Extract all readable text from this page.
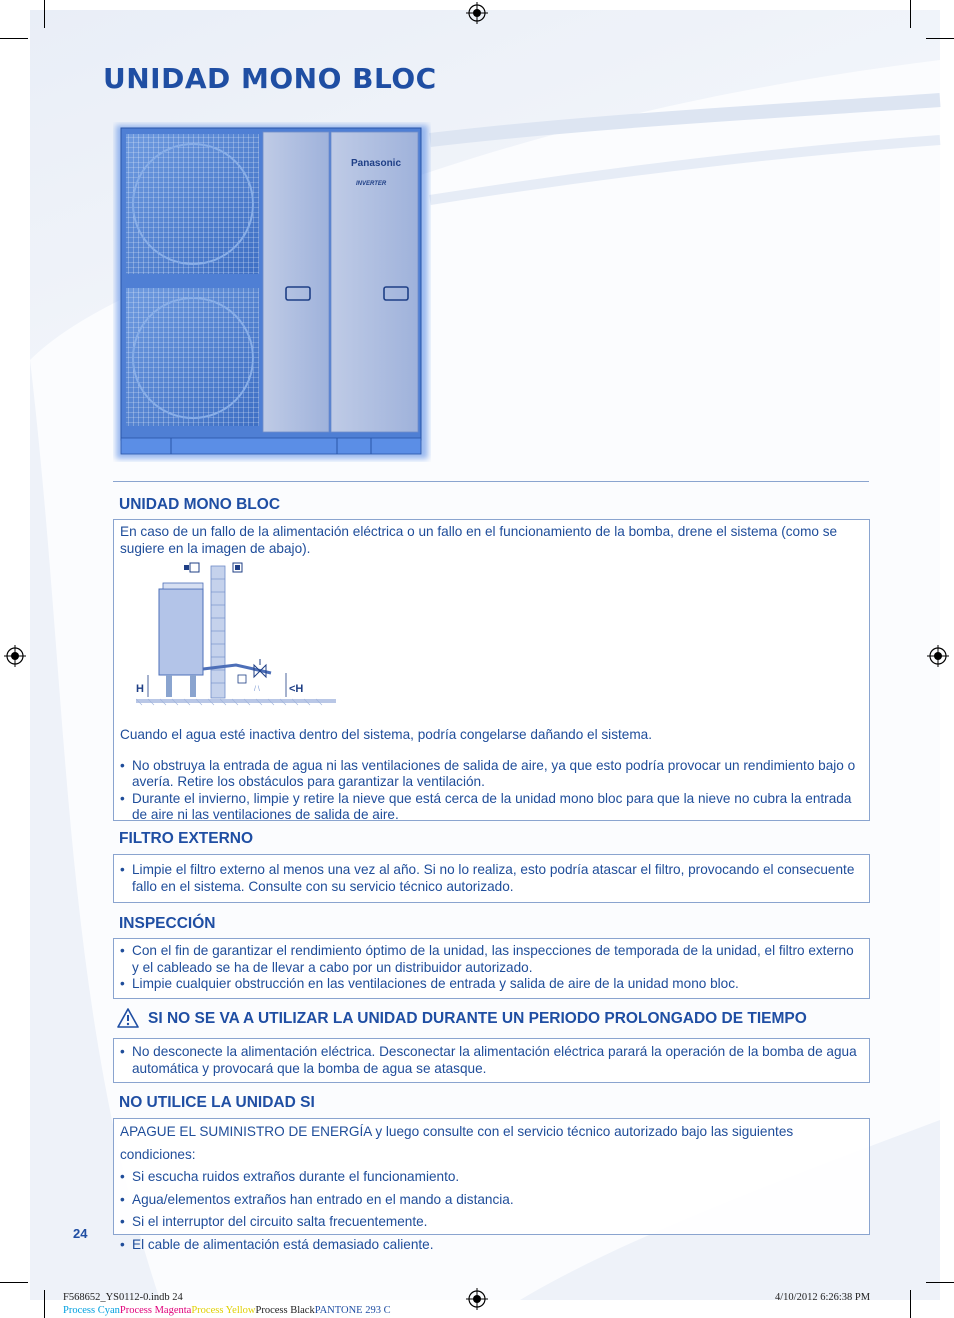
UNIDAD MONO BLOC
Panasonic
INVERTER
UNIDAD MONO BLOC
En caso de un fallo de la alimentación eléctrica o un fallo en el funcionamiento de la bomba, drene el sistema (como se sugiere en la imagen de abajo).
/ \
H	<H
Cuando el agua esté inactiva dentro del sistema, podría congelarse dañando el sistema.
• No obstruya la entrada de agua ni las ventilaciones de salida de aire, ya que esto podría provocar un rendimiento bajo o avería. Retire los obstáculos para garantizar la ventilación.
• Durante el invierno, limpie y retire la nieve que está cerca de la unidad mono bloc para que la nieve no cubra la entrada de aire ni las ventilaciones de salida de aire.
FILTRO EXTERNO
• Limpie el filtro externo al menos una vez al año. Si no lo realiza, esto podría atascar el filtro, provocando el consecuente fallo en el sistema. Consulte con su servicio técnico autorizado.
INSPECCIÓN
• Con el fin de garantizar el rendimiento óptimo de la unidad, las inspecciones de temporada de la unidad, el filtro externo y el cableado se ha de llevar a cabo por un distribuidor autorizado.
• Limpie cualquier obstrucción en las ventilaciones de entrada y salida de aire de la unidad mono bloc.
SI NO SE VA A UTILIZAR LA UNIDAD DURANTE UN PERIODO PROLONGADO DE TIEMPO
• No desconecte la alimentación eléctrica. Desconectar la alimentación eléctrica parará la operación de la bomba de agua automática y provocará que la bomba de agua se atasque.
NO UTILICE LA UNIDAD SI
APAGUE EL SUMINISTRO DE ENERGÍA y luego consulte con el servicio técnico autorizado bajo las siguientes condiciones:
• Si escucha ruidos extraños durante el funcionamiento.
• Agua/elementos extraños han entrado en el mando a distancia.
• Si el interruptor del circuito salta frecuentemente.
• El cable de alimentación está demasiado caliente.
24
F568652_YS0112-0.indb 24	4/10/2012 6:26:38 PM
Process CyanProcess MagentaProcess YellowProcess BlackPANTONE 293 C
